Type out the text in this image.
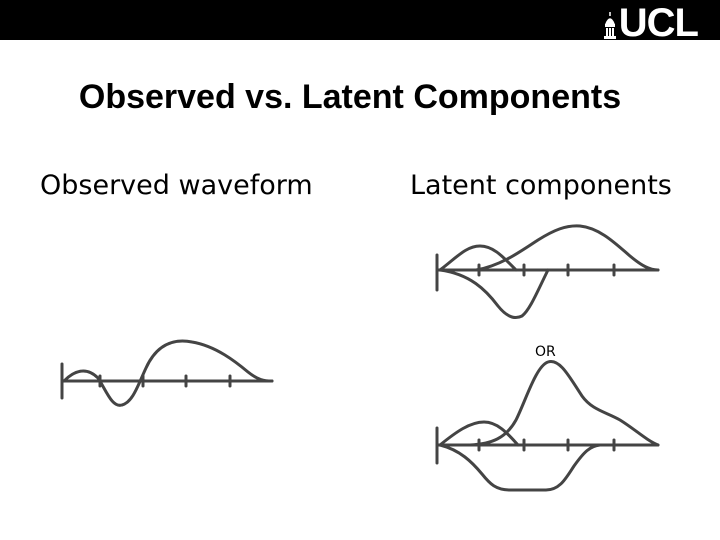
UCL
Observed vs. Latent Components

Observed waveform	Latent components

OR
